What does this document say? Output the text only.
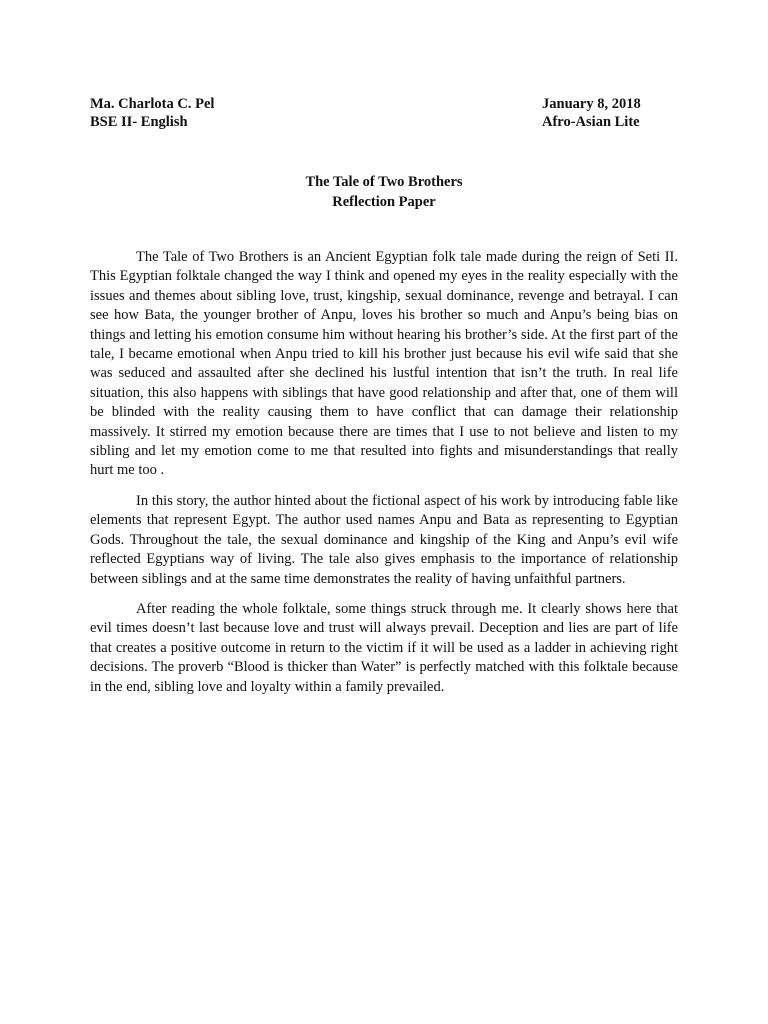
Ma. Charlota C. Pel	January 8, 2018
BSE II- English	Afro-Asian Lite
The Tale of Two Brothers
Reflection Paper

The Tale of Two Brothers is an Ancient Egyptian folk tale made during the reign of Seti II. This Egyptian folktale changed the way I think and opened my eyes in the reality especially with the issues and themes about sibling love, trust, kingship, sexual dominance, revenge and betrayal. I can see how Bata, the younger brother of Anpu, loves his brother so much and Anpu’s being bias on things and letting his emotion consume him without hearing his brother’s side. At the first part of the tale, I became emotional when Anpu tried to kill his brother just because his evil wife said that she was seduced and assaulted after she declined his lustful intention that isn’t the truth. In real life situation, this also happens with siblings that have good relationship and after that, one of them will be blinded with the reality causing them to have conflict that can damage their relationship massively. It stirred my emotion because there are times that I use to not believe and listen to my sibling and let my emotion come to me that resulted into fights and misunderstandings that really hurt me too .

In this story, the author hinted about the fictional aspect of his work by introducing fable like elements that represent Egypt. The author used names Anpu and Bata as representing to Egyptian Gods. Throughout the tale, the sexual dominance and kingship of the King and Anpu’s evil wife reflected Egyptians way of living. The tale also gives emphasis to the importance of relationship between siblings and at the same time demonstrates the reality of having unfaithful partners.

After reading the whole folktale, some things struck through me. It clearly shows here that evil times doesn’t last because love and trust will always prevail. Deception and lies are part of life that creates a positive outcome in return to the victim if it will be used as a ladder in achieving right decisions. The proverb “Blood is thicker than Water” is perfectly matched with this folktale because in the end, sibling love and loyalty within a family prevailed.
